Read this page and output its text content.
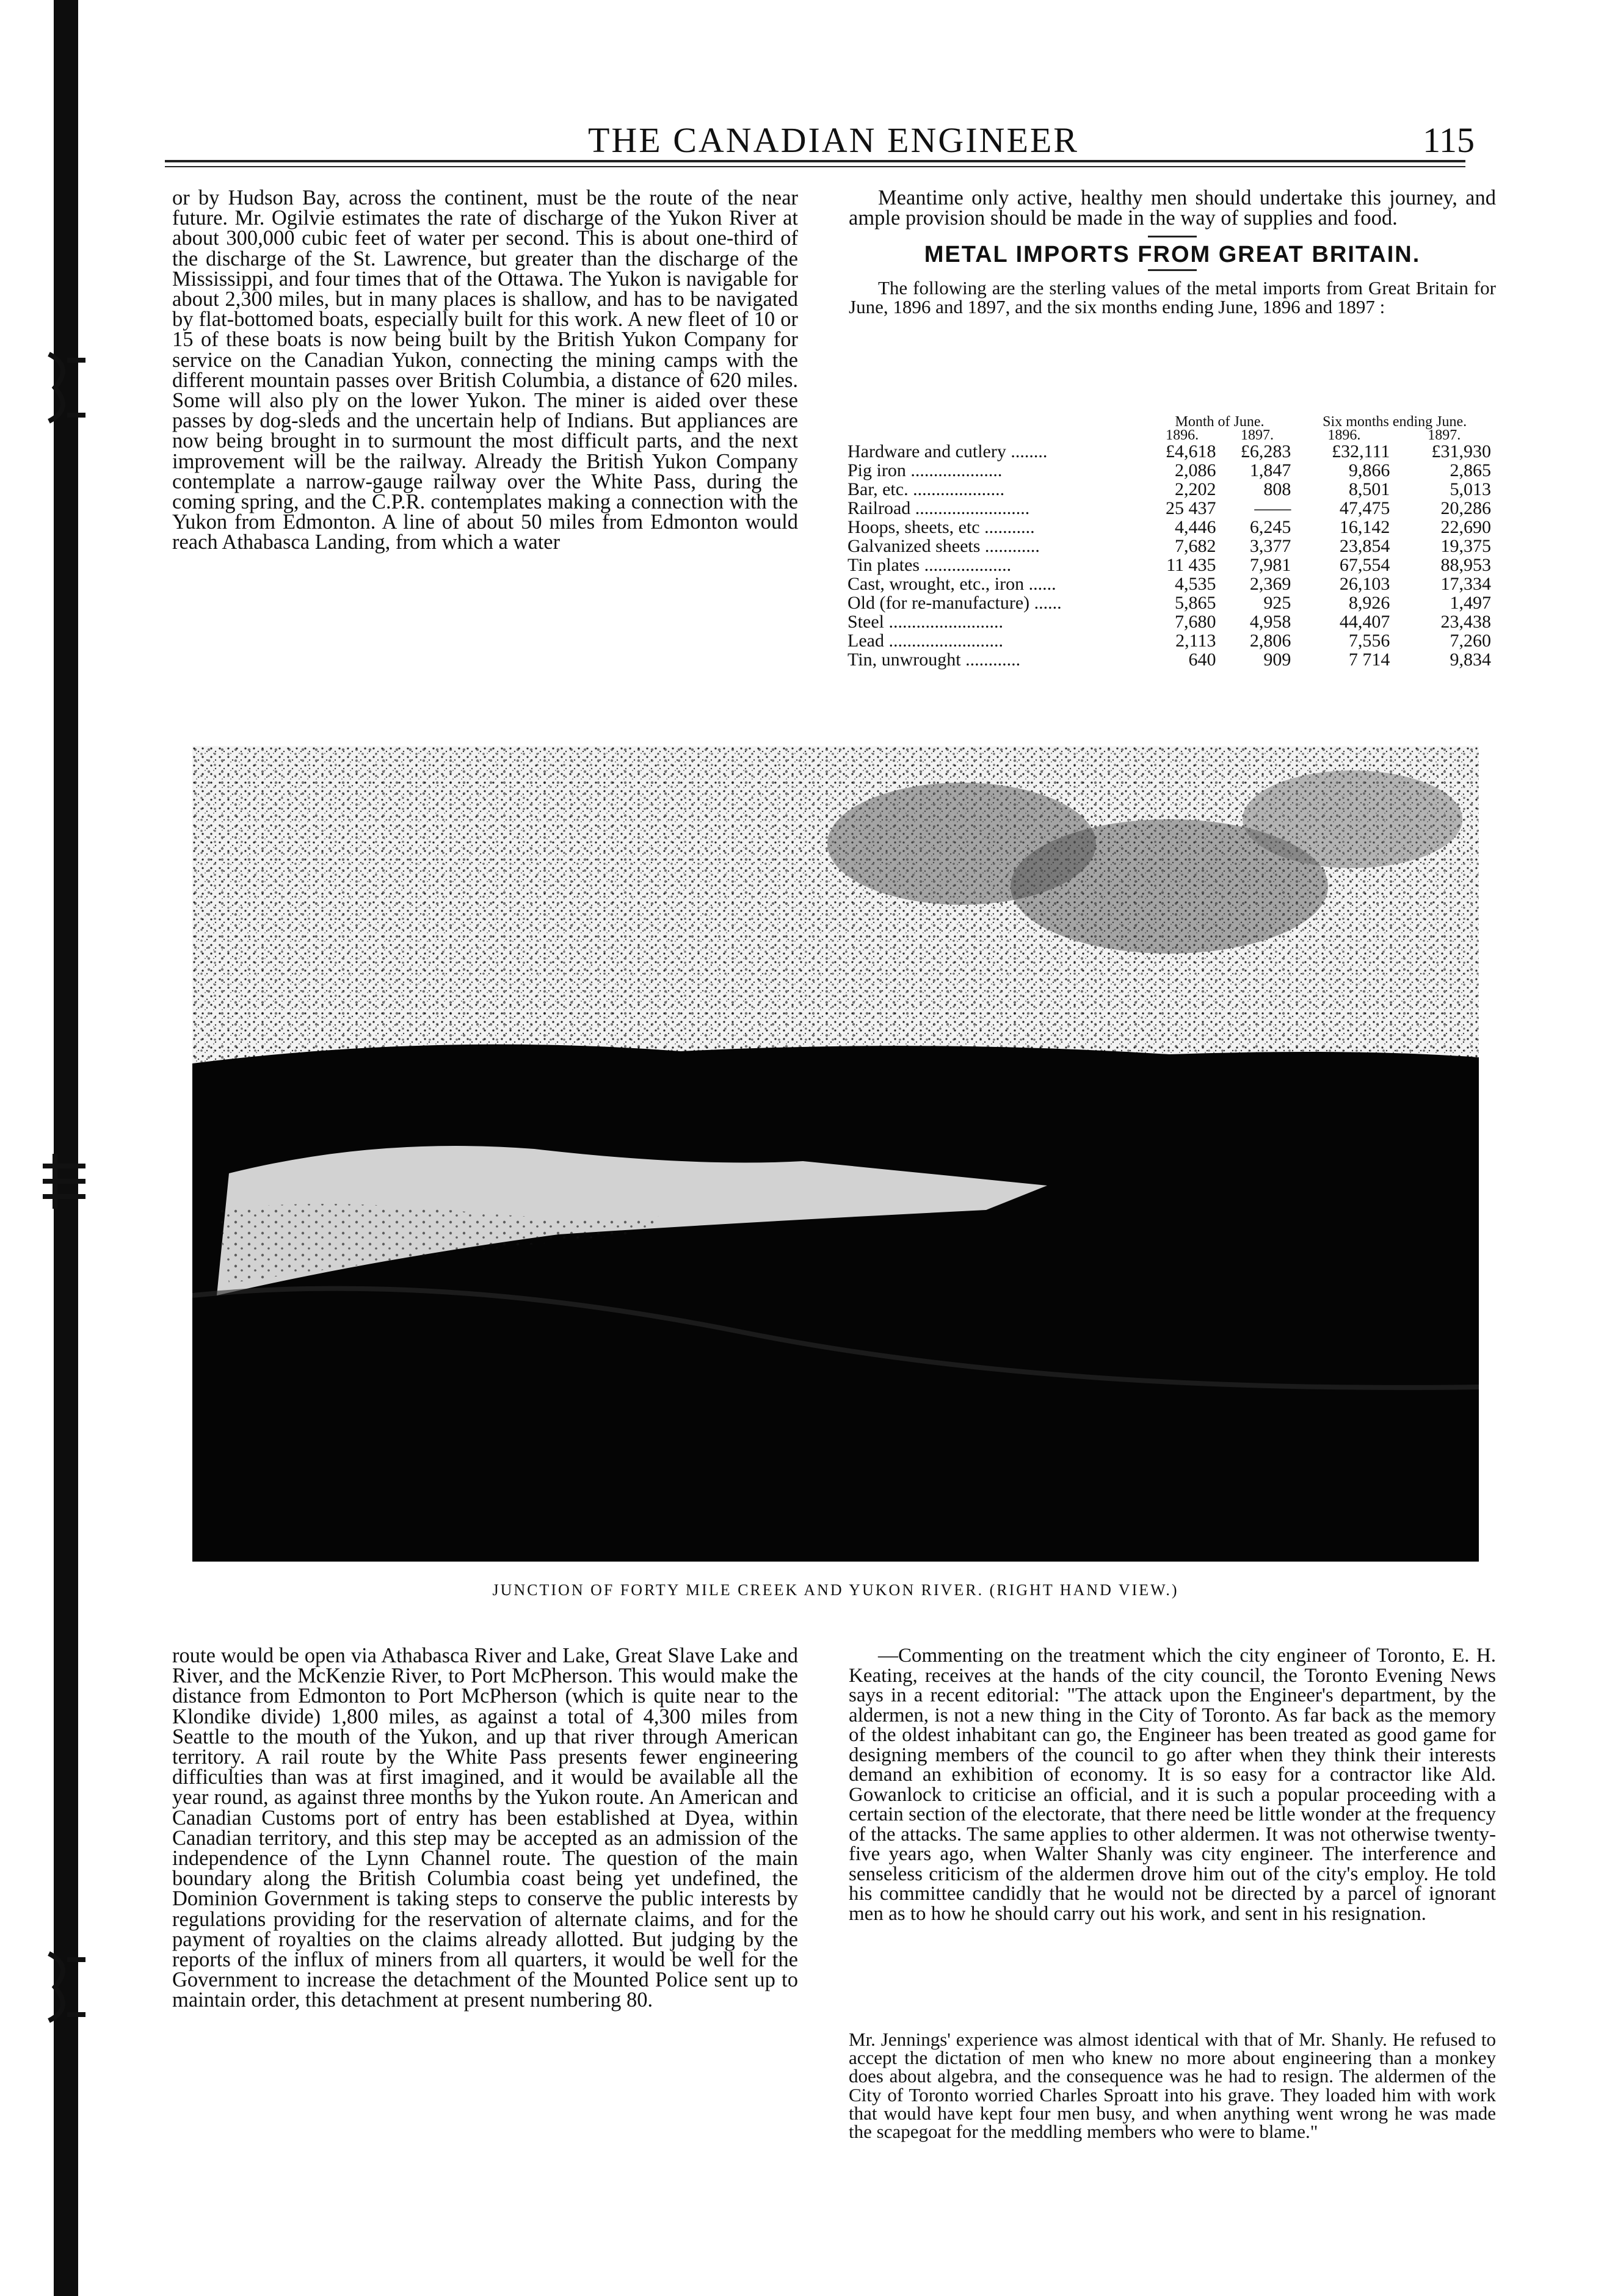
THE CANADIAN ENGINEER	115

or by Hudson Bay, across the continent, must be the route of the near future. Mr. Ogilvie estimates the rate of discharge of the Yukon River at about 300,000 cubic feet of water per second. This is about one-third of the discharge of the St. Lawrence, but greater than the discharge of the Mississippi, and four times that of the Ottawa. The Yukon is navigable for about 2,300 miles, but in many places is shallow, and has to be navigated by flat-bottomed boats, especially built for this work. A new fleet of 10 or 15 of these boats is now being built by the British Yukon Company for service on the Canadian Yukon, connecting the mining camps with the different mountain passes over British Columbia, a distance of 620 miles. Some will also ply on the lower Yukon. The miner is aided over these passes by dog-sleds and the uncertain help of Indians. But appliances are now being brought in to surmount the most difficult parts, and the next improvement will be the railway. Already the British Yukon Company contemplate a narrow-gauge railway over the White Pass, during the coming spring, and the C.P.R. contemplates making a connection with the Yukon from Edmonton. A line of about 50 miles from Edmonton would reach Athabasca Landing, from which a water

Meantime only active, healthy men should undertake this journey, and ample provision should be made in the way of supplies and food.

METAL IMPORTS FROM GREAT BRITAIN.

The following are the sterling values of the metal imports from Great Britain for June, 1896 and 1897, and the six months ending June, 1896 and 1897 :

	Month of June.		Six months ending June.	
	1896.	1897.	1896.	1897.
Hardware and cutlery ........	£4,618	£6,283	£32,111	£31,930
Pig iron ....................	2,086	1,847	9,866	2,865
Bar, etc. ....................	2,202	808	8,501	5,013
Railroad .........................	25 437	——	47,475	20,286
Hoops, sheets, etc ...........	4,446	6,245	16,142	22,690
Galvanized sheets ............	7,682	3,377	23,854	19,375
Tin plates ...................	11 435	7,981	67,554	88,953
Cast, wrought, etc., iron ......	4,535	2,369	26,103	17,334
Old (for re-manufacture) ......	5,865	925	8,926	1,497
Steel .........................	7,680	4,958	44,407	23,438
Lead .........................	2,113	2,806	7,556	7,260
Tin, unwrought ............	640	909	7 714	9,834
JUNCTION OF FORTY MILE CREEK AND YUKON RIVER. (RIGHT HAND VIEW.)

route would be open via Athabasca River and Lake, Great Slave Lake and River, and the McKenzie River, to Port McPherson. This would make the distance from Edmonton to Port McPherson (which is quite near to the Klondike divide) 1,800 miles, as against a total of 4,300 miles from Seattle to the mouth of the Yukon, and up that river through American territory. A rail route by the White Pass presents fewer engineering difficulties than was at first imagined, and it would be available all the year round, as against three months by the Yukon route. An American and Canadian Customs port of entry has been established at Dyea, within Canadian territory, and this step may be accepted as an admission of the independence of the Lynn Channel route. The question of the main boundary along the British Columbia coast being yet undefined, the Dominion Government is taking steps to conserve the public interests by regulations providing for the reservation of alternate claims, and for the payment of royalties on the claims already allotted. But judging by the reports of the influx of miners from all quarters, it would be well for the Government to increase the detachment of the Mounted Police sent up to maintain order, this detachment at present numbering 80.

—Commenting on the treatment which the city engineer of Toronto, E. H. Keating, receives at the hands of the city council, the Toronto Evening News says in a recent editorial: "The attack upon the Engineer's department, by the aldermen, is not a new thing in the City of Toronto. As far back as the memory of the oldest inhabitant can go, the Engineer has been treated as good game for designing members of the council to go after when they think their interests demand an exhibition of economy. It is so easy for a contractor like Ald. Gowanlock to criticise an official, and it is such a popular proceeding with a certain section of the electorate, that there need be little wonder at the frequency of the attacks. The same applies to other aldermen. It was not otherwise twenty-five years ago, when Walter Shanly was city engineer. The interference and senseless criticism of the aldermen drove him out of the city's employ. He told his committee candidly that he would not be directed by a parcel of ignorant men as to how he should carry out his work, and sent in his resignation.

Mr. Jennings' experience was almost identical with that of Mr. Shanly. He refused to accept the dictation of men who knew no more about engineering than a monkey does about algebra, and the consequence was he had to resign. The aldermen of the City of Toronto worried Charles Sproatt into his grave. They loaded him with work that would have kept four men busy, and when anything went wrong he was made the scapegoat for the meddling members who were to blame."
